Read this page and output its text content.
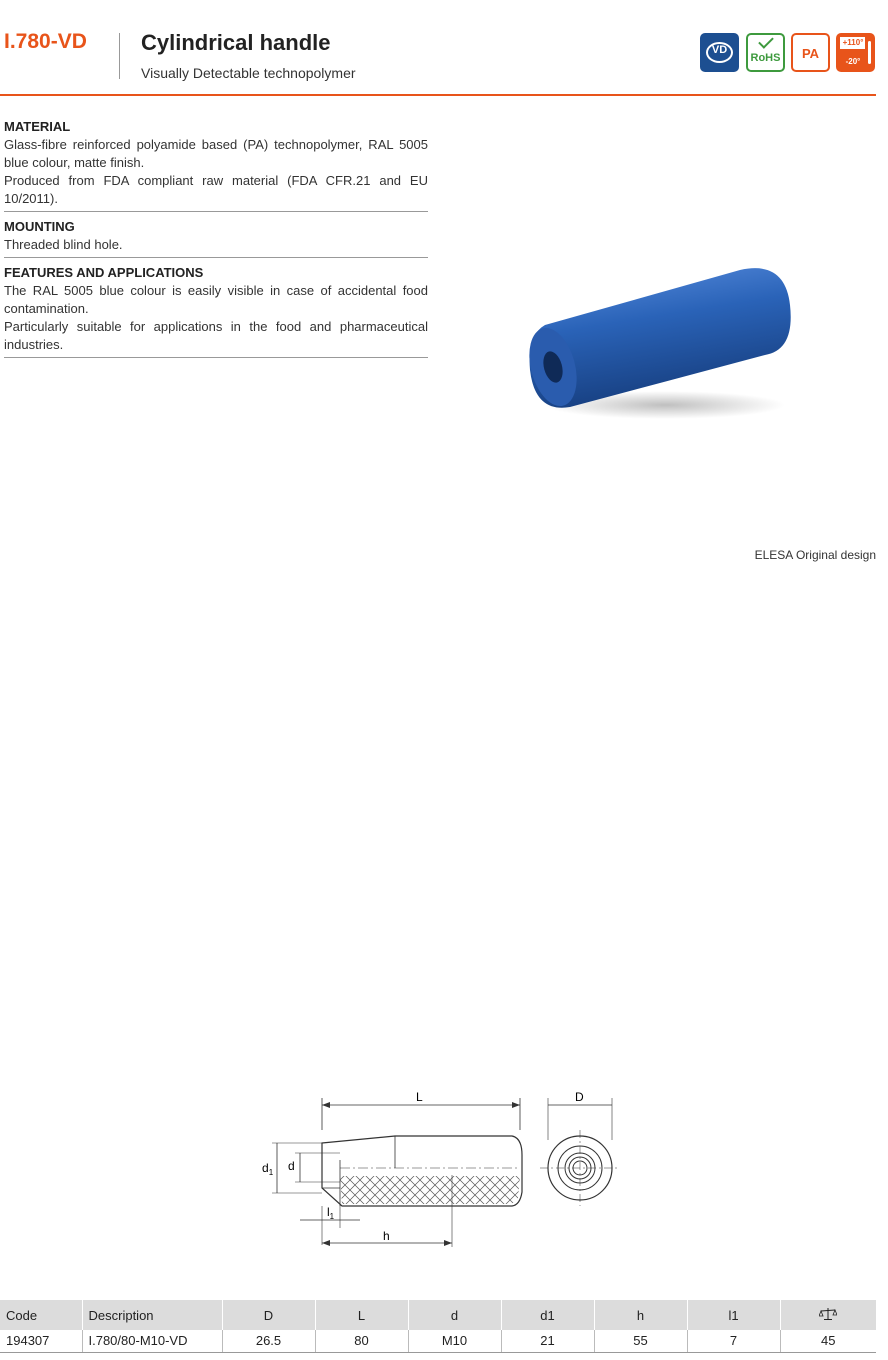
I.780-VD Cylindrical handle
Visually Detectable technopolymer
VD
RoHS	PA
+110°
-20°
MATERIAL
Glass-fibre reinforced polyamide based (PA) technopolymer, RAL 5005 blue colour, matte finish.
Produced from FDA compliant raw material (FDA CFR.21 and EU 10/2011).
MOUNTING
Threaded blind hole.
FEATURES AND APPLICATIONS
The RAL 5005 blue colour is easily visible in case of accidental food contamination.
Particularly suitable for applications in the food and pharmaceutical industries.
ELESA Original design
L
$d_1$ d
$l_1$
h
D
Code	Description	D	L	d	d1	h	l1	
194307	I.780/80-M10-VD	26.5	80	M10	21	55	7	45
